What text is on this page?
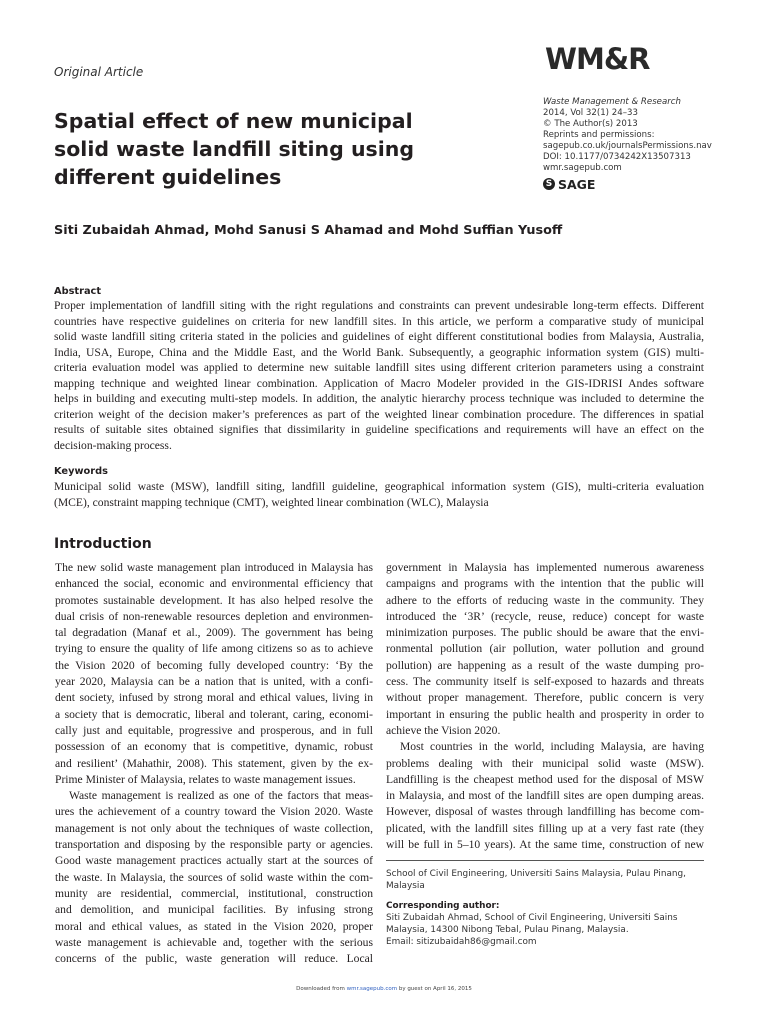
Original Article	WM&R
Spatial effect of new municipal
solid waste landfill siting using
different guidelines
Waste Management & Research
2014, Vol 32(1) 24–33
© The Author(s) 2013
Reprints and permissions:
sagepub.co.uk/journalsPermissions.nav
DOI: 10.1177/0734242X13507313
wmr.sagepub.com
S SAGE
Siti Zubaidah Ahmad, Mohd Sanusi S Ahamad and Mohd Suffian Yusoff
Abstract
Proper implementation of landfill siting with the right regulations and constraints can prevent undesirable long-term effects. Different
countries have respective guidelines on criteria for new landfill sites. In this article, we perform a comparative study of municipal
solid waste landfill siting criteria stated in the policies and guidelines of eight different constitutional bodies from Malaysia, Australia,
India, USA, Europe, China and the Middle East, and the World Bank. Subsequently, a geographic information system (GIS) multi-
criteria evaluation model was applied to determine new suitable landfill sites using different criterion parameters using a constraint
mapping technique and weighted linear combination. Application of Macro Modeler provided in the GIS-IDRISI Andes software
helps in building and executing multi-step models. In addition, the analytic hierarchy process technique was included to determine the
criterion weight of the decision maker’s preferences as part of the weighted linear combination procedure. The differences in spatial
results of suitable sites obtained signifies that dissimilarity in guideline specifications and requirements will have an effect on the
decision-making process.
Keywords
Municipal solid waste (MSW), landfill siting, landfill guideline, geographical information system (GIS), multi-criteria evaluation
(MCE), constraint mapping technique (CMT), weighted linear combination (WLC), Malaysia
Introduction
The new solid waste management plan introduced in Malaysia has
enhanced the social, economic and environmental efficiency that
promotes sustainable development. It has also helped resolve the
dual crisis of non-renewable resources depletion and environmen-
tal degradation (Manaf et al., 2009). The government has being
trying to ensure the quality of life among citizens so as to achieve
the Vision 2020 of becoming fully developed country: ‘By the
year 2020, Malaysia can be a nation that is united, with a confi-
dent society, infused by strong moral and ethical values, living in
a society that is democratic, liberal and tolerant, caring, economi-
cally just and equitable, progressive and prosperous, and in full
possession of an economy that is competitive, dynamic, robust
and resilient’ (Mahathir, 2008). This statement, given by the ex-
Prime Minister of Malaysia, relates to waste management issues.
Waste management is realized as one of the factors that meas-
ures the achievement of a country toward the Vision 2020. Waste
management is not only about the techniques of waste collection,
transportation and disposing by the responsible party or agencies.
Good waste management practices actually start at the sources of
the waste. In Malaysia, the sources of solid waste within the com-
munity are residential, commercial, institutional, construction
and demolition, and municipal facilities. By infusing strong
moral and ethical values, as stated in the Vision 2020, proper
waste management is achievable and, together with the serious
concerns of the public, waste generation will reduce. Local
government in Malaysia has implemented numerous awareness
campaigns and programs with the intention that the public will
adhere to the efforts of reducing waste in the community. They
introduced the ‘3R’ (recycle, reuse, reduce) concept for waste
minimization purposes. The public should be aware that the envi-
ronmental pollution (air pollution, water pollution and ground
pollution) are happening as a result of the waste dumping pro-
cess. The community itself is self-exposed to hazards and threats
without proper management. Therefore, public concern is very
important in ensuring the public health and prosperity in order to
achieve the Vision 2020.
Most countries in the world, including Malaysia, are having
problems dealing with their municipal solid waste (MSW).
Landfilling is the cheapest method used for the disposal of MSW
in Malaysia, and most of the landfill sites are open dumping areas.
However, disposal of wastes through landfilling has become com-
plicated, with the landfill sites filling up at a very fast rate (they
will be full in 5–10 years). At the same time, construction of new
School of Civil Engineering, Universiti Sains Malaysia, Pulau Pinang,
Malaysia
Corresponding author:
Siti Zubaidah Ahmad, School of Civil Engineering, Universiti Sains
Malaysia, 14300 Nibong Tebal, Pulau Pinang, Malaysia.
Email: sitizubaidah86@gmail.com
Downloaded from wmr.sagepub.com by guest on April 16, 2015
